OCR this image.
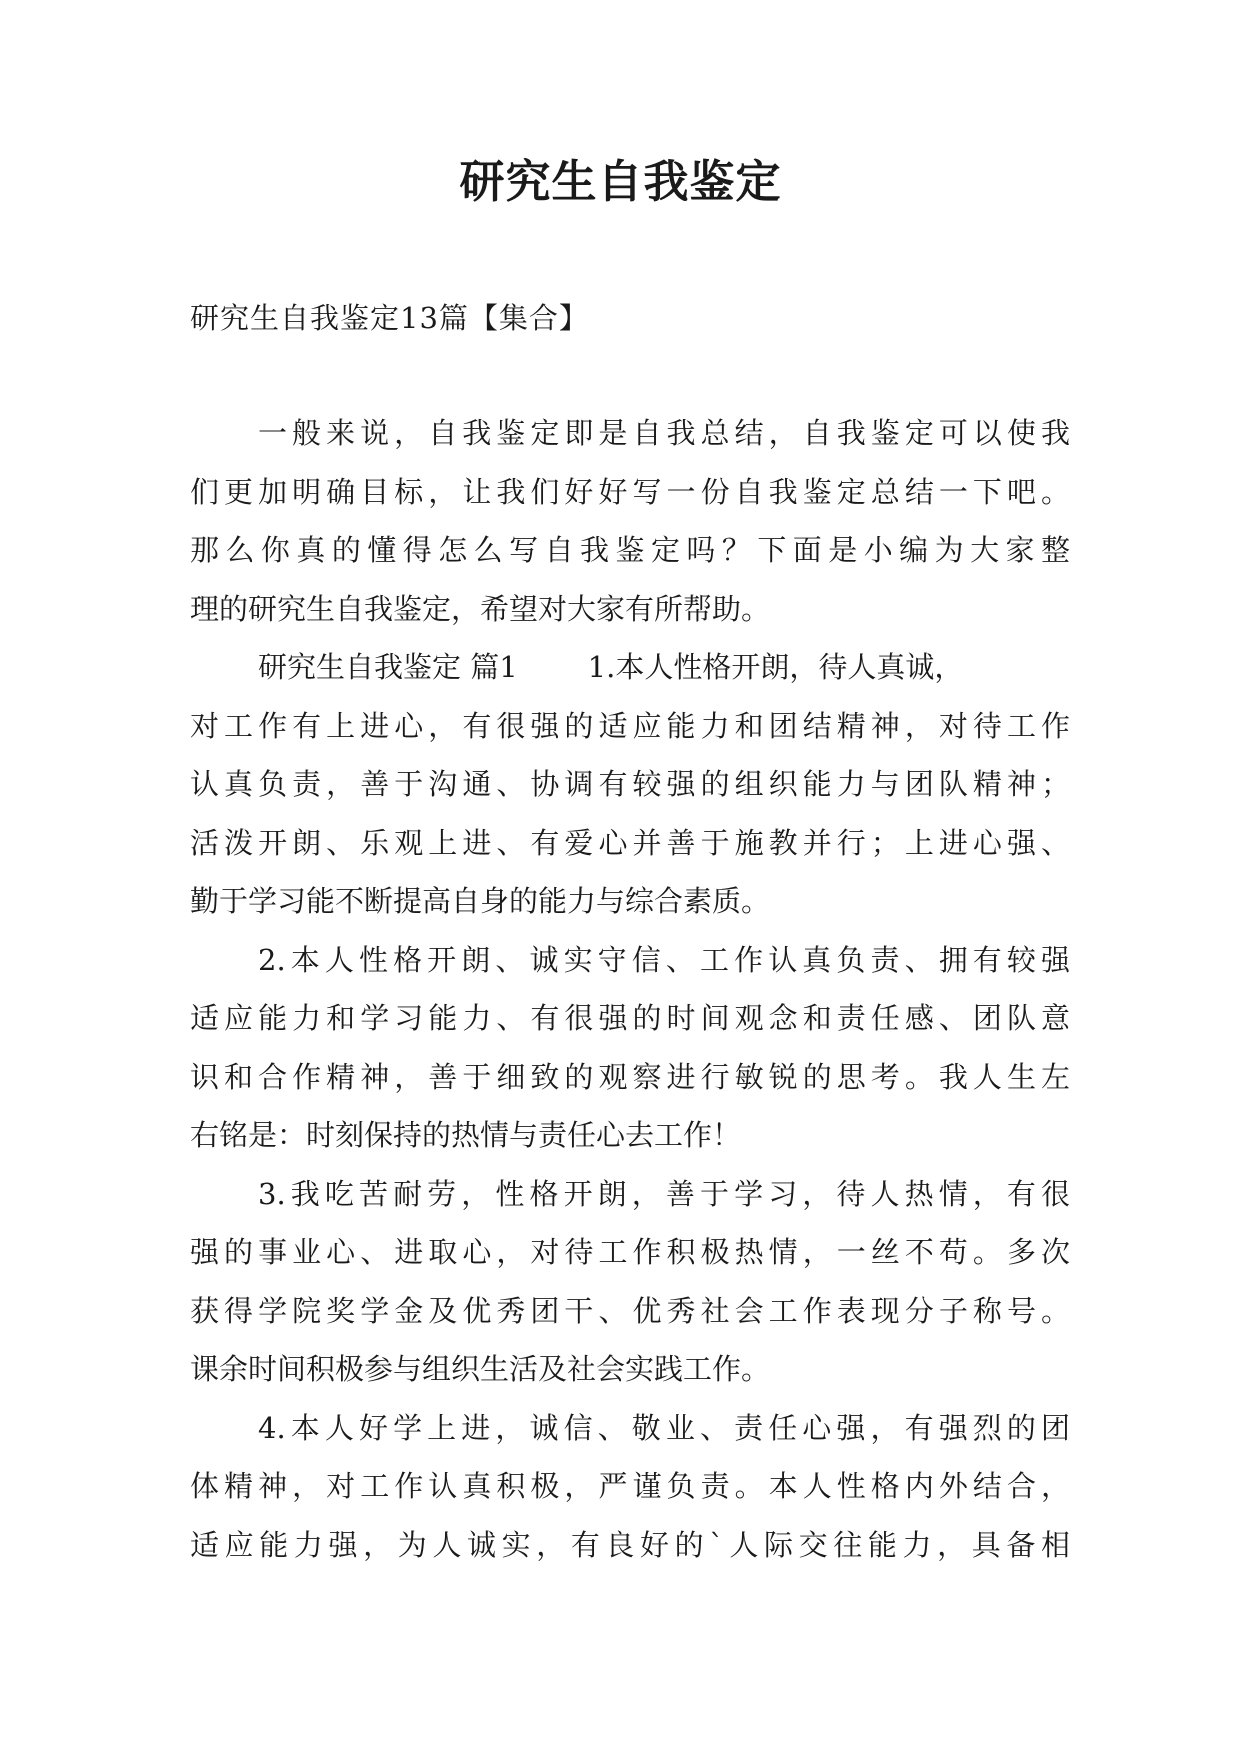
研究生自我鉴定
研究生自我鉴定13篇【集合】
一般来说，自我鉴定即是自我总结，自我鉴定可以使我
们更加明确目标，让我们好好写一份自我鉴定总结一下吧。
那么你真的懂得怎么写自我鉴定吗？下面是小编为大家整
理的研究生自我鉴定，希望对大家有所帮助。
研究生自我鉴定 篇1 1.本人性格开朗，待人真诚，
对工作有上进心，有很强的适应能力和团结精神，对待工作
认真负责，善于沟通、协调有较强的组织能力与团队精神；
活泼开朗、乐观上进、有爱心并善于施教并行；上进心强、
勤于学习能不断提高自身的能力与综合素质。
2.本人性格开朗、诚实守信、工作认真负责、拥有较强
适应能力和学习能力、有很强的时间观念和责任感、团队意
识和合作精神，善于细致的观察进行敏锐的思考。我人生左
右铭是：时刻保持的热情与责任心去工作！
3.我吃苦耐劳，性格开朗，善于学习，待人热情，有很
强的事业心、进取心，对待工作积极热情，一丝不苟。多次
获得学院奖学金及优秀团干、优秀社会工作表现分子称号。
课余时间积极参与组织生活及社会实践工作。
4.本人好学上进，诚信、敬业、责任心强，有强烈的团
体精神，对工作认真积极，严谨负责。本人性格内外结合，
适应能力强，为人诚实，有良好的`人际交往能力，具备相
